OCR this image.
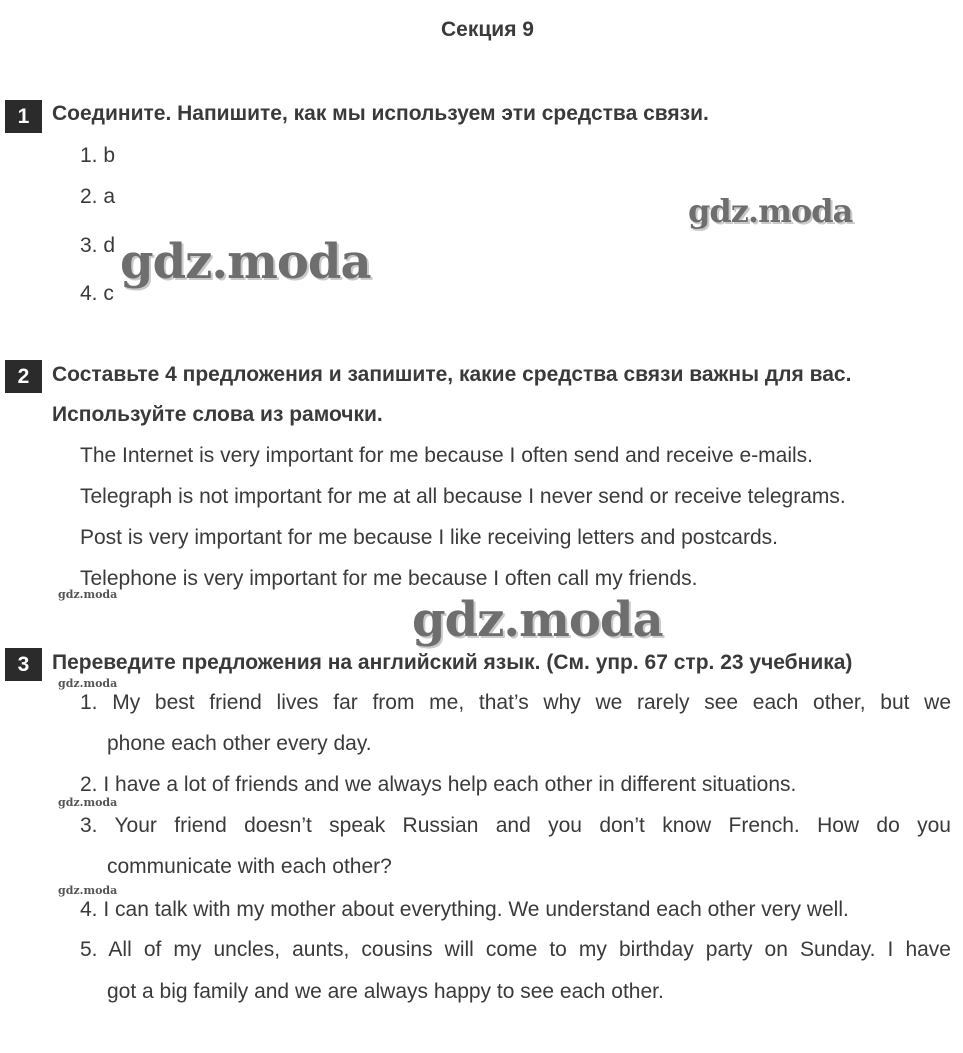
Секция 9
1	Соедините. Напишите, как мы используем эти средства связи.
1. b
2. a
3. d
4. c
2	Составьте 4 предложения и запишите, какие средства связи важны для вас.
Используйте слова из рамочки.
The Internet is very important for me because I often send and receive e-mails.
Telegraph is not important for me at all because I never send or receive telegrams.
Post is very important for me because I like receiving letters and postcards.
Telephone is very important for me because I often call my friends.
3	Переведите предложения на английский язык. (См. упр. 67 стр. 23 учебника)
1. My best friend lives far from me, that’s why we rarely see each other, but we
phone each other every day.
2. I have a lot of friends and we always help each other in different situations.
3. Your friend doesn’t speak Russian and you don’t know French. How do you
communicate with each other?
4. I can talk with my mother about everything. We understand each other very well.
5. All of my uncles, aunts, cousins will come to my birthday party on Sunday. I have
got a big family and we are always happy to see each other.
gdz.moda
gdz.moda
gdz.moda
gdz.moda
gdz.moda
gdz.moda
gdz.moda
